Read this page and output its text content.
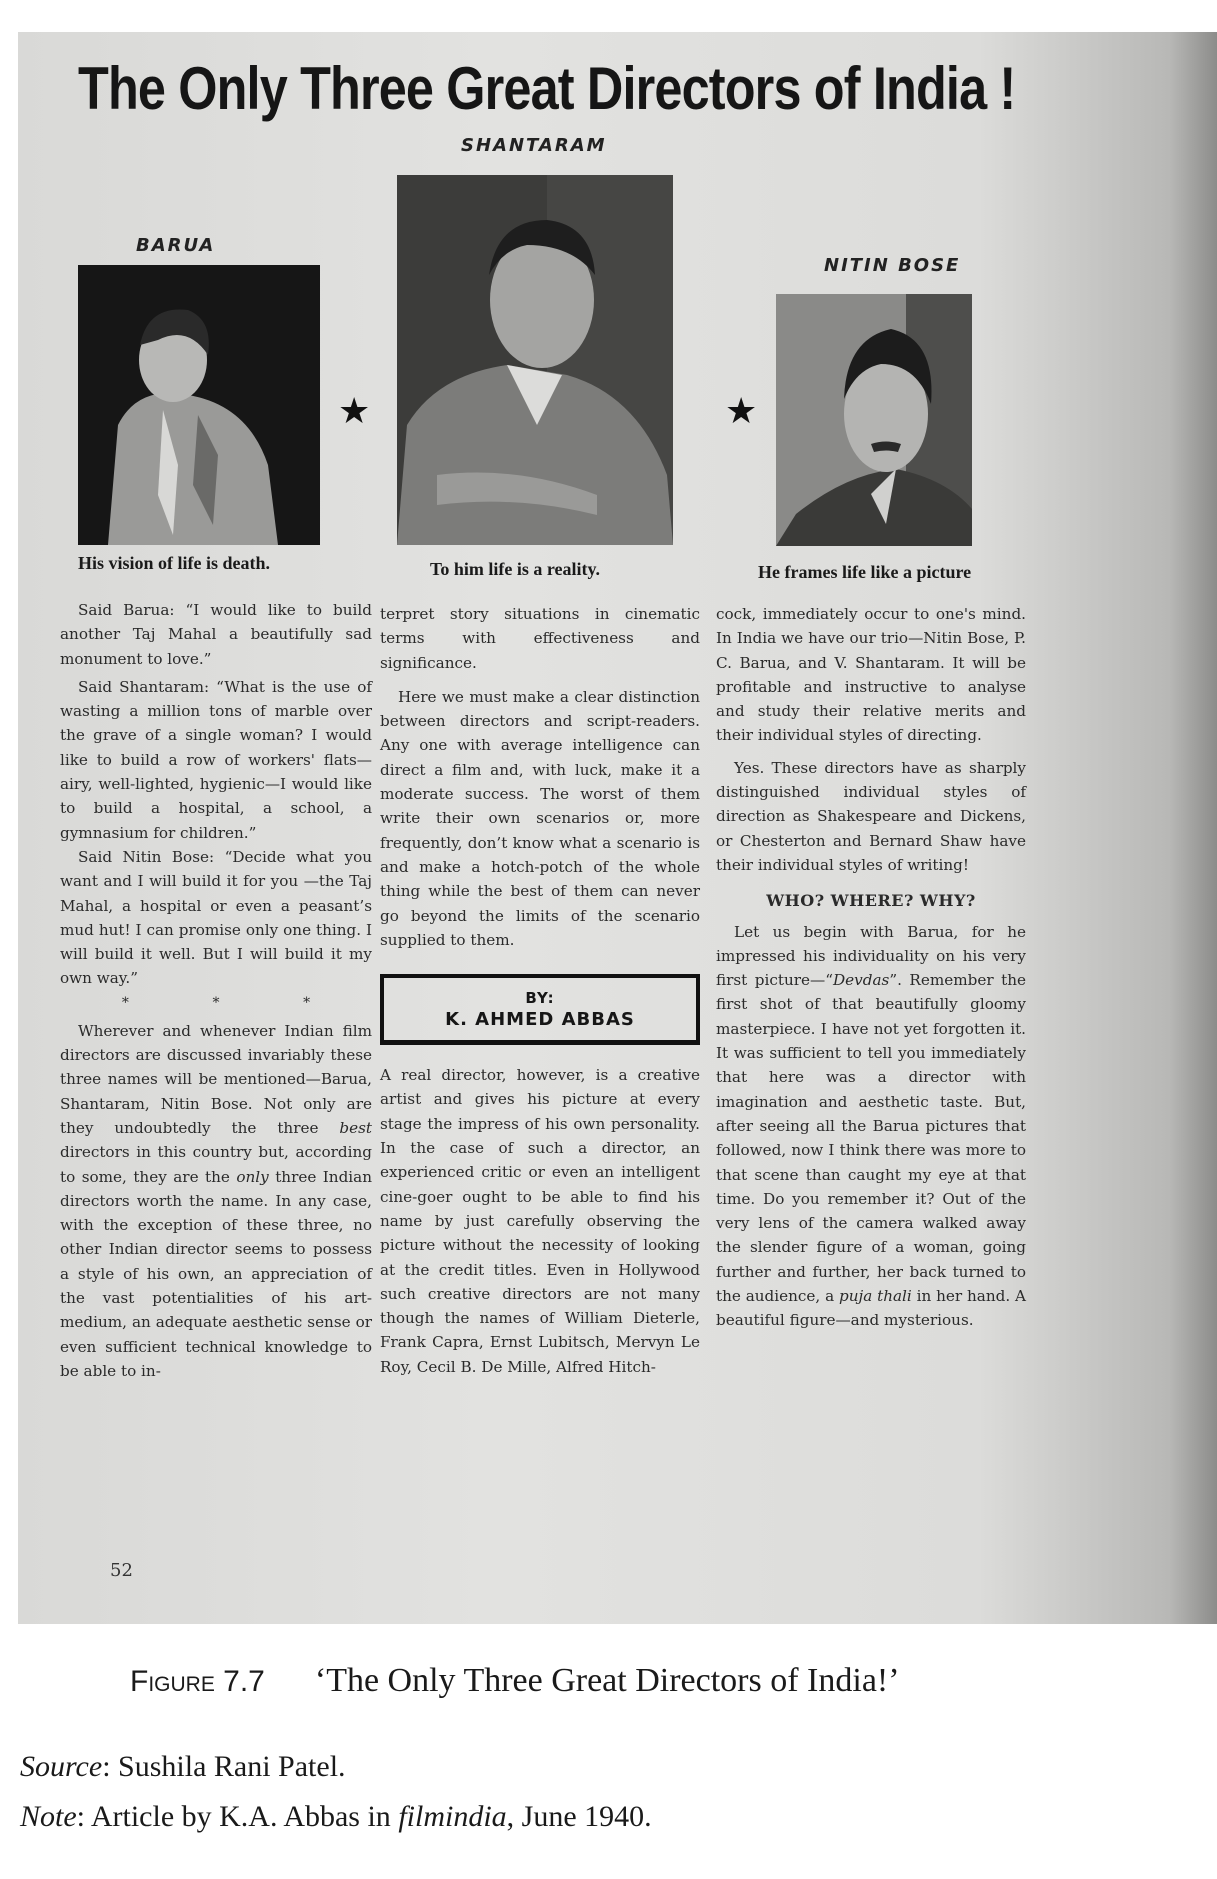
The Only Three Great Directors of India !
BARUA
SHANTARAM
NITIN BOSE
★	★
His vision of life is death.	To him life is a reality.	He frames life like a picture

Said Barua: “I would like to build another Taj Mahal a beautifully sad monument to love.”

Said Shantaram: “What is the use of wasting a million tons of marble over the grave of a single woman? I would like to build a row of workers' flats—airy, well-lighted, hygienic—I would like to build a hospital, a school, a gymnasium for children.”

Said Nitin Bose: “Decide what you want and I will build it for you —the Taj Mahal, a hospital or even a peasant’s mud hut! I can promise only one thing. I will build it well. But I will build it my own way.”

*	*	*

Wherever and whenever Indian film directors are discussed invariably these three names will be mentioned—Barua, Shantaram, Nitin Bose. Not only are they undoubtedly the three best directors in this country but, according to some, they are the only three Indian directors worth the name. In any case, with the exception of these three, no other Indian director seems to possess a style of his own, an appreciation of the vast potentialities of his art-medium, an adequate aesthetic sense or even sufficient technical knowledge to be able to in-

terpret story situations in cinematic terms with effectiveness and significance.

Here we must make a clear distinction between directors and script-readers. Any one with average intelligence can direct a film and, with luck, make it a moderate success. The worst of them write their own scenarios or, more frequently, don’t know what a scenario is and make a hotch-potch of the whole thing while the best of them can never go beyond the limits of the scenario supplied to them.

BY:
K. AHMED ABBAS

A real director, however, is a creative artist and gives his picture at every stage the impress of his own personality. In the case of such a director, an experienced critic or even an intelligent cine-goer ought to be able to find his name by just carefully observing the picture without the necessity of looking at the credit titles. Even in Hollywood such creative directors are not many though the names of William Dieterle, Frank Capra, Ernst Lubitsch, Mervyn Le Roy, Cecil B. De Mille, Alfred Hitch-

cock, immediately occur to one's mind. In India we have our trio—Nitin Bose, P. C. Barua, and V. Shantaram. It will be profitable and instructive to analyse and study their relative merits and their individual styles of directing.

Yes. These directors have as sharply distinguished individual styles of direction as Shakespeare and Dickens, or Chesterton and Bernard Shaw have their individual styles of writing!

WHO? WHERE? WHY?

Let us begin with Barua, for he impressed his individuality on his very first picture—“Devdas”. Remember the first shot of that beautifully gloomy masterpiece. I have not yet forgotten it. It was sufficient to tell you immediately that here was a director with imagination and aesthetic taste. But, after seeing all the Barua pictures that followed, now I think there was more to that scene than caught my eye at that time. Do you remember it? Out of the very lens of the camera walked away the slender figure of a woman, going further and further, her back turned to the audience, a puja thali in her hand. A beautiful figure—and mysterious.

52
Figure 7.7 ‘The Only Three Great Directors of India!’
Source: Sushila Rani Patel.
Note: Article by K.A. Abbas in filmindia, June 1940.
